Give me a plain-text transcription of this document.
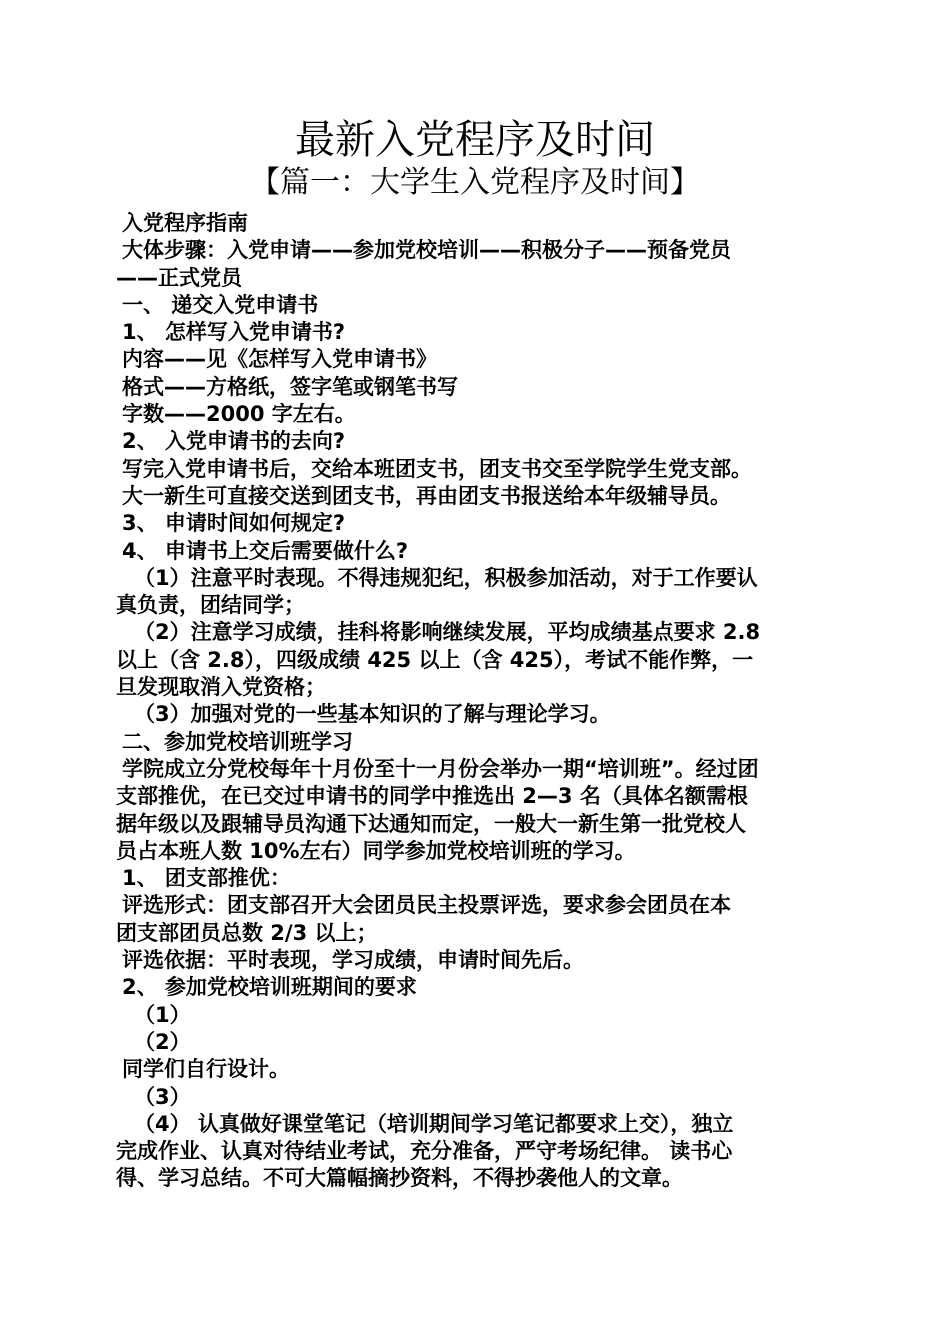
最新入党程序及时间
【篇一：大学生入党程序及时间】
入党程序指南
大体步骤：入党申请——参加党校培训——积极分子——预备党员
——正式党员
一、 递交入党申请书
1、 怎样写入党申请书?
内容——见《怎样写入党申请书》
格式——方格纸，签字笔或钢笔书写
字数——2000 字左右。
2、 入党申请书的去向?
写完入党申请书后，交给本班团支书，团支书交至学院学生党支部。
大一新生可直接交送到团支书，再由团支书报送给本年级辅导员。
3、 申请时间如何规定?
4、 申请书上交后需要做什么?
（1）注意平时表现。不得违规犯纪，积极参加活动，对于工作要认
真负责，团结同学；
（2）注意学习成绩，挂科将影响继续发展，平均成绩基点要求 2.8
以上（含 2.8），四级成绩 425 以上（含 425），考试不能作弊，一
旦发现取消入党资格；
（3）加强对党的一些基本知识的了解与理论学习。
二、参加党校培训班学习
学院成立分党校每年十月份至十一月份会举办一期“培训班”。经过团
支部推优，在已交过申请书的同学中推选出 2—3 名（具体名额需根
据年级以及跟辅导员沟通下达通知而定，一般大一新生第一批党校人
员占本班人数 10%左右）同学参加党校培训班的学习。
1、 团支部推优：
评选形式：团支部召开大会团员民主投票评选，要求参会团员在本
团支部团员总数 2/3 以上；
评选依据：平时表现，学习成绩，申请时间先后。
2、 参加党校培训班期间的要求
（1）
（2）
同学们自行设计。
（3）
（4） 认真做好课堂笔记（培训期间学习笔记都要求上交），独立
完成作业、认真对待结业考试，充分准备，严守考场纪律。 读书心
得、学习总结。不可大篇幅摘抄资料，不得抄袭他人的文章。
